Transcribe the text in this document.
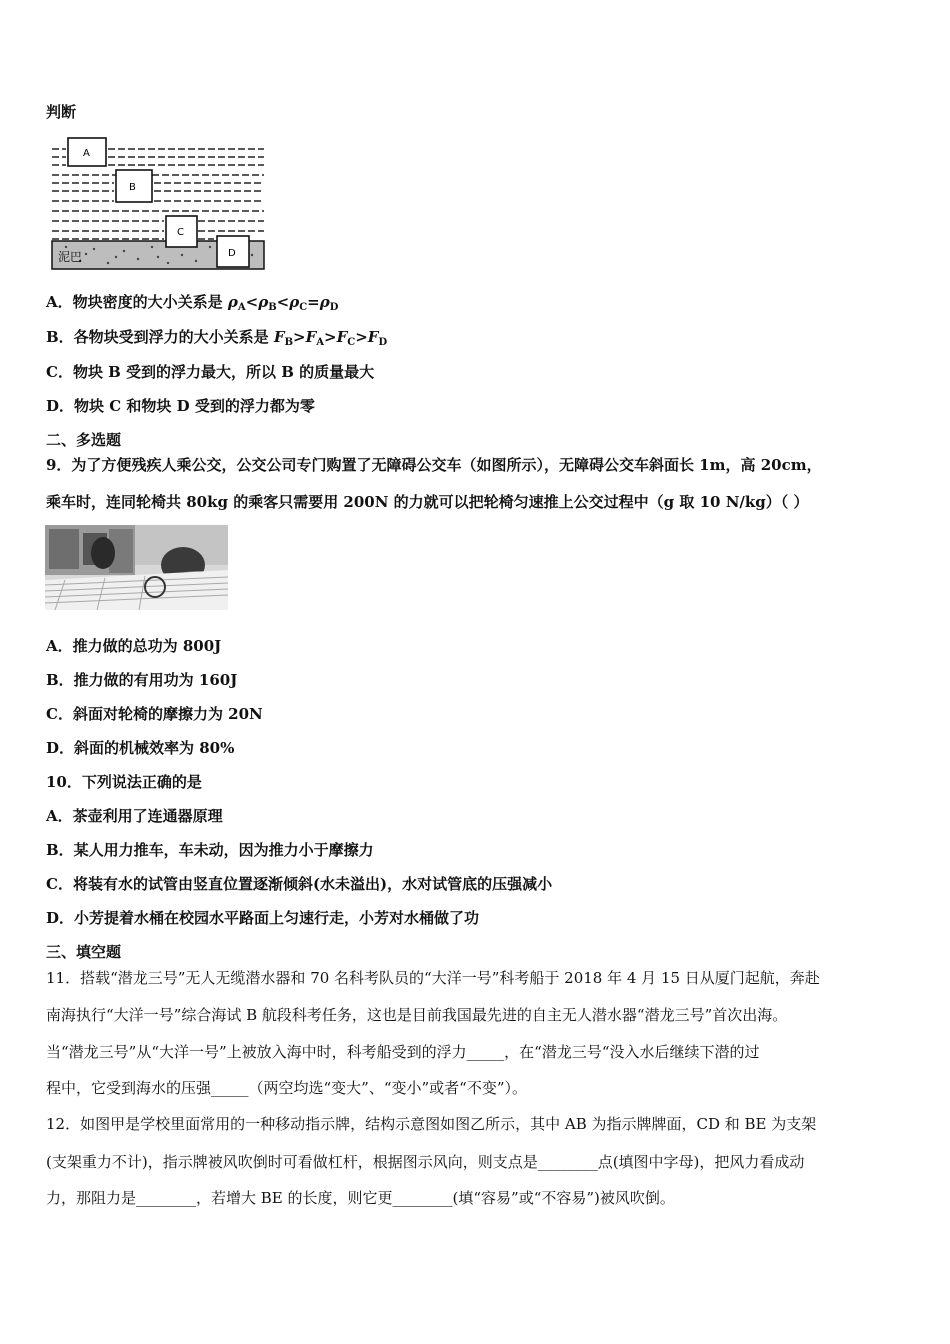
判断
泥巴
A
B
C
D
A．物块密度的大小关系是 $\rho_A<\rho_B<\rho_C=\rho_D$
B．各物块受到浮力的大小关系是 $F_B>F_A>F_C>F_D$
C．物块 B 受到的浮力最大，所以 B 的质量最大
D．物块 C 和物块 D 受到的浮力都为零
二、多选题
9．为了方便残疾人乘公交，公交公司专门购置了无障碍公交车（如图所示），无障碍公交车斜面长 1m，高 20cm，
乘车时，连同轮椅共 80kg 的乘客只需要用 200N 的力就可以把轮椅匀速推上公交过程中（g 取 10 N/kg）（ ）
A．推力做的总功为 800J
B．推力做的有用功为 160J
C．斜面对轮椅的摩擦力为 20N
D．斜面的机械效率为 80%
10．下列说法正确的是
A．茶壶利用了连通器原理
B．某人用力推车，车未动，因为推力小于摩擦力
C．将装有水的试管由竖直位置逐渐倾斜(水未溢出)，水对试管底的压强减小
D．小芳提着水桶在校园水平路面上匀速行走，小芳对水桶做了功
三、填空题
11．搭载“潜龙三号”无人无缆潜水器和 70 名科考队员的“大洋一号”科考船于 2018 年 4 月 15 日从厦门起航，奔赴
南海执行“大洋一号”综合海试 B 航段科考任务，这也是目前我国最先进的自主无人潜水器“潜龙三号”首次出海。
当“潜龙三号”从“大洋一号”上被放入海中时，科考船受到的浮力_____，在“潜龙三号“没入水后继续下潜的过
程中，它受到海水的压强_____（两空均选“变大”、“变小”或者“不变”）。
12．如图甲是学校里面常用的一种移动指示牌，结构示意图如图乙所示，其中 AB 为指示牌牌面，CD 和 BE 为支架
(支架重力不计)，指示牌被风吹倒时可看做杠杆，根据图示风向，则支点是________点(填图中字母)，把风力看成动
力，那阻力是________，若增大 BE 的长度，则它更________(填“容易”或“不容易”)被风吹倒。
